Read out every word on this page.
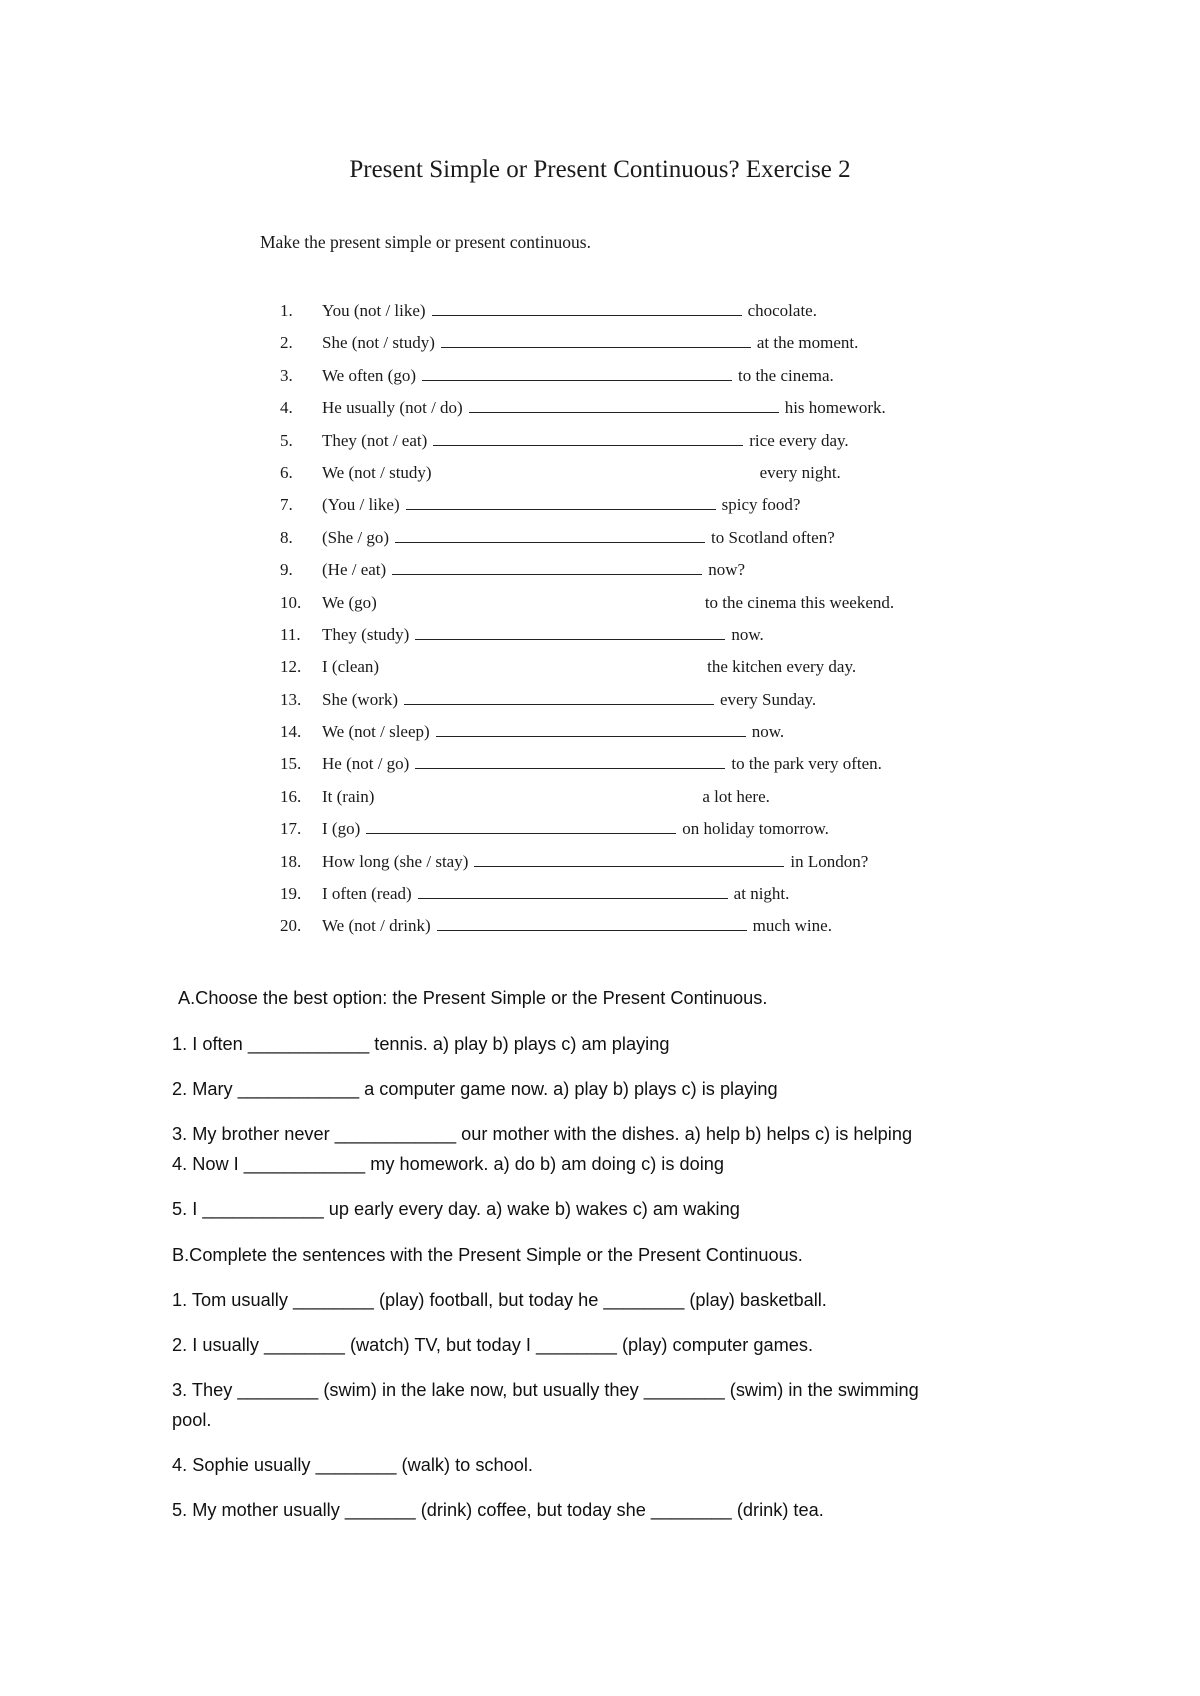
Present Simple or Present Continuous? Exercise 2
Make the present simple or present continuous.
1.	You (not / like)	chocolate.
2.	She (not / study)	at the moment.
3.	We often (go)	to the cinema.
4.	He usually (not / do)	his homework.
5.	They (not / eat)	rice every day.
6.	We (not / study)	every night.
7.	(You / like)	spicy food?
8.	(She / go)	to Scotland often?
9.	(He / eat)	now?
10.	We (go)	to the cinema this weekend.
11.	They (study)	now.
12.	I (clean)	the kitchen every day.
13.	She (work)	every Sunday.
14.	We (not / sleep)	now.
15.	He (not / go)	to the park very often.
16.	It (rain)	a lot here.
17.	I (go)	on holiday tomorrow.
18.	How long (she / stay)	in London?
19.	I often (read)	at night.
20.	We (not / drink)	much wine.
A.Choose the best option: the Present Simple or the Present Continuous.
1. I often ____________ tennis. a) play b) plays c) am playing
2. Mary ____________ a computer game now. a) play b) plays c) is playing
3. My brother never ____________ our mother with the dishes. a) help b) helps c) is helping
4. Now I ____________ my homework. a) do b) am doing c) is doing
5. I ____________ up early every day. a) wake b) wakes c) am waking
B.Complete the sentences with the Present Simple or the Present Continuous.
1. Tom usually ________ (play) football, but today he ________ (play) basketball.
2. I usually ________ (watch) TV, but today I ________ (play) computer games.
3. They ________ (swim) in the lake now, but usually they ________ (swim) in the swimming
pool.
4. Sophie usually ________ (walk) to school.
5. My mother usually _______ (drink) coffee, but today she ________ (drink) tea.
